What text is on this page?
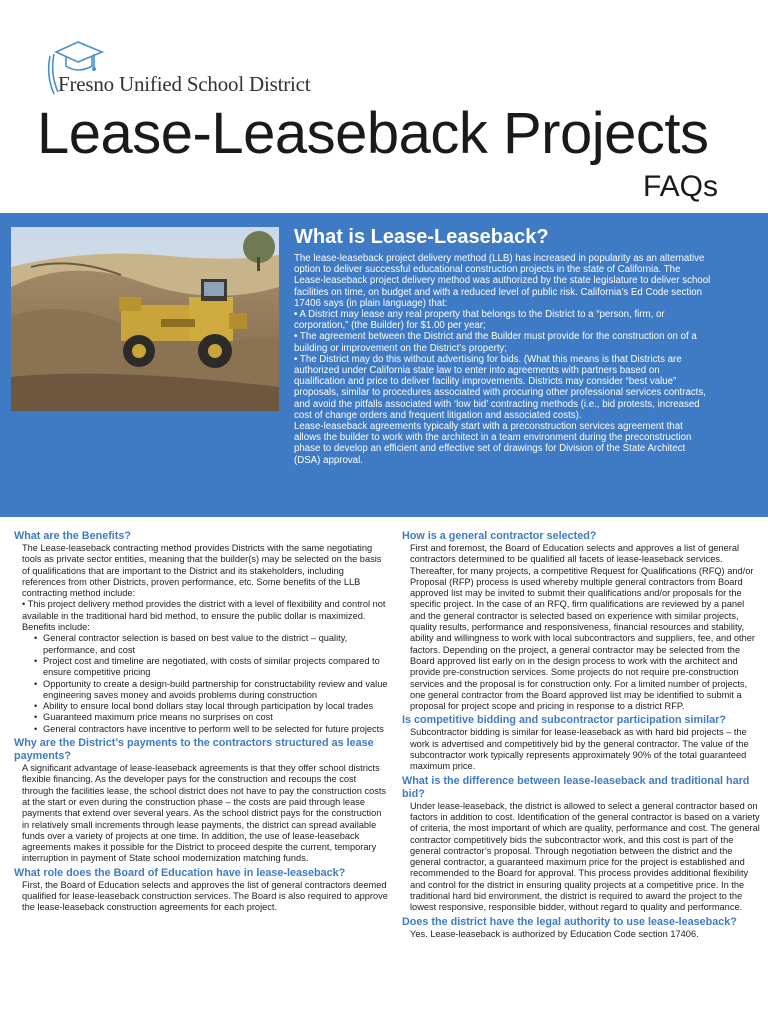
Fresno Unified School District
Lease-Leaseback Projects
FAQs
What is Lease-Leaseback?

The lease-leaseback project delivery method (LLB) has increased in popularity as an alternative option to deliver successful educational construction projects in the state of California. The Lease-leaseback project delivery method was authorized by the state legislature to deliver school facilities on time, on budget and with a reduced level of public risk. California’s Ed Code section 17406 says (in plain language) that:

• A District may lease any real property that belongs to the District to a “person, firm, or corporation,” (the Builder) for $1.00 per year;

• The agreement between the District and the Builder must provide for the construction on of a building or improvement on the District’s property;

• The District may do this without advertising for bids. (What this means is that Districts are authorized under California state law to enter into agreements with partners based on qualification and price to deliver facility improvements. Districts may consider “best value” proposals, similar to procedures associated with procuring other professional services contracts, and avoid the pitfalls associated with ‘low bid’ contracting methods (i.e., bid protests, increased cost of change orders and frequent litigation and associated costs).

Lease-leaseback agreements typically start with a preconstruction services agreement that allows the builder to work with the architect in a team environment during the preconstruction phase to develop an efficient and effective set of drawings for Division of the State Architect (DSA) approval.

What are the Benefits?

The Lease-leaseback contracting method provides Districts with the same negotiating tools as private sector entities, meaning that the builder(s) may be selected on the basis of qualifications that are important to the District and its stakeholders, including references from other Districts, proven performance, etc. Some benefits of the LLB contracting method include:

• This project delivery method provides the district with a level of flexibility and control not available in the traditional hard bid method, to ensure the public dollar is maximized.

Benefits include:

• General contractor selection is based on best value to the district – quality, performance, and cost
• Project cost and timeline are negotiated, with costs of similar projects compared to ensure competitive pricing
• Opportunity to create a design-build partnership for constructability review and value engineering saves money and avoids problems during construction
• Ability to ensure local bond dollars stay local through participation by local trades
• Guaranteed maximum price means no surprises on cost
• General contractors have incentive to perform well to be selected for future projects
Why are the District’s payments to the contractors structured as lease payments?

A significant advantage of lease-leaseback agreements is that they offer school districts flexible financing. As the developer pays for the construction and recoups the cost through the facilities lease, the school district does not have to pay the construction costs at the start or even during the construction phase – the costs are paid through lease payments that extend over several years. As the school district pays for the construction in relatively small increments through lease payments, the district can spread available funds over a variety of projects at one time. In addition, the use of lease-leaseback agreements makes it possible for the District to proceed despite the current, temporary interruption in payment of State school modernization matching funds.

What role does the Board of Education have in lease-leaseback?

First, the Board of Education selects and approves the list of general contractors deemed qualified for lease-leaseback construction services. The Board is also required to approve the lease-leaseback construction agreements for each project.

How is a general contractor selected?

First and foremost, the Board of Education selects and approves a list of general contractors determined to be qualified all facets of lease-leaseback services. Thereafter, for many projects, a competitive Request for Qualifications (RFQ) and/or Proposal (RFP) process is used whereby multiple general contractors from Board approved list may be invited to submit their qualifications and/or proposals for the specific project. In the case of an RFQ, firm qualifications are reviewed by a panel and the general contractor is selected based on experience with similar projects, quality results, performance and responsiveness, financial resources and stability, ability and willingness to work with local subcontractors and suppliers, fee, and other factors. Depending on the project, a general contractor may be selected from the Board approved list early on in the design process to work with the architect and provide pre-construction services. Some projects do not require pre-construction services and the proposal is for construction only. For a limited number of projects, one general contractor from the Board approved list may be identified to submit a proposal for project scope and pricing in response to a district RFP.

Is competitive bidding and subcontractor participation similar?

Subcontractor bidding is similar for lease-leaseback as with hard bid projects – the work is advertised and competitively bid by the general contractor. The value of the subcontractor work typically represents approximately 90% of the total guaranteed maximum price.

What is the difference between lease-leaseback and traditional hard bid?

Under lease-leaseback, the district is allowed to select a general contractor based on factors in addition to cost. Identification of the general contractor is based on a variety of criteria, the most important of which are quality, performance and cost. The general contractor competitively bids the subcontractor work, and this cost is part of the general contractor’s proposal. Through negotiation between the district and the general contractor, a guaranteed maximum price for the project is established and recommended to the Board for approval. This process provides additional flexibility and control for the district in ensuring quality projects at a competitive price. In the traditional hard bid environment, the district is required to award the project to the lowest responsive, responsible bidder, without regard to quality and performance.

Does the district have the legal authority to use lease-leaseback?

Yes. Lease-leaseback is authorized by Education Code section 17406.
